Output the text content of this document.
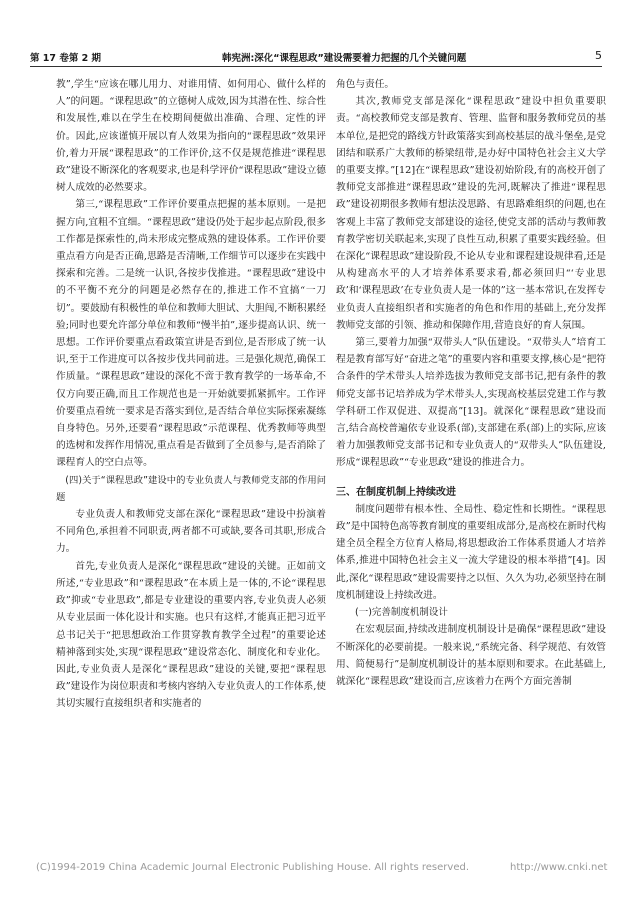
第 17 卷第 2 期	韩宪洲:深化“课程思政”建设需要着力把握的几个关键问题	5

教”,学生“应该在哪儿用力、对谁用情、如何用心、做什么样的人”的问题。“课程思政”的立德树人成效,因为其潜在性、综合性和发展性,难以在学生在校期间便做出准确、合理、定性的评价。因此,应该谨慎开展以育人效果为指向的“课程思政”效果评价,着力开展“课程思政”的工作评价,这不仅是规范推进“课程思政”建设不断深化的客观要求,也是科学评价“课程思政”建设立德树人成效的必然要求。

第三,“课程思政”工作评价要重点把握的基本原则。一是把握方向,宜粗不宜细。“课程思政”建设仍处于起步起点阶段,很多工作都是探索性的,尚未形成完整成熟的建设体系。工作评价要重点看方向是否正确,思路是否清晰,工作细节可以逐步在实践中探索和完善。二是统一认识,各按步伐推进。“课程思政”建设中的不平衡不充分的问题是必然存在的,推进工作不宜搞“一刀切”。要鼓励有积极性的单位和教师大胆试、大胆闯,不断积累经验;同时也要允许部分单位和教师“慢半拍”,逐步提高认识、统一思想。工作评价要重点看政策宣讲是否到位,是否形成了统一认识,至于工作进度可以各按步伐共同前进。三是强化规范,确保工作质量。“课程思政”建设的深化不啻于教育教学的一场革命,不仅方向要正确,而且工作规范也是一开始就要抓紧抓牢。工作评价要重点看统一要求是否落实到位,是否结合单位实际探索凝练自身特色。另外,还要看“课程思政”示范课程、优秀教师等典型的选树和发挥作用情况,重点看是否做到了全员参与,是否消除了课程育人的空白点等。

(四)关于“课程思政”建设中的专业负责人与教师党支部的作用问题

专业负责人和教师党支部在深化“课程思政”建设中扮演着不同角色,承担着不同职责,两者都不可或缺,要各司其职,形成合力。

首先,专业负责人是深化“课程思政”建设的关键。正如前文所述,“专业思政”和“课程思政”在本质上是一体的,不论“课程思政”抑或“专业思政”,都是专业建设的重要内容,专业负责人必须从专业层面一体化设计和实施。也只有这样,才能真正把习近平总书记关于“把思想政治工作贯穿教育教学全过程”的重要论述精神落到实处,实现“课程思政”建设常态化、制度化和专业化。因此,专业负责人是深化“课程思政”建设的关键,要把“课程思政”建设作为岗位职责和考核内容纳入专业负责人的工作体系,使其切实履行直接组织者和实施者的

角色与责任。

其次,教师党支部是深化“课程思政”建设中担负重要职责。“高校教师党支部是教育、管理、监督和服务教师党员的基本单位,是把党的路线方针政策落实到高校基层的战斗堡垒,是党团结和联系广大教师的桥梁纽带,是办好中国特色社会主义大学的重要支撑。”[12]在“课程思政”建设初始阶段,有的高校开创了教师党支部推进“课程思政”建设的先河,既解决了推进“课程思政”建设初期很多教师有想法没思路、有思路难组织的问题,也在客观上丰富了教师党支部建设的途径,使党支部的活动与教师教育教学密切关联起来,实现了良性互动,积累了重要实践经验。但在深化“课程思政”建设阶段,不论从专业和课程建设规律看,还是从构建高水平的人才培养体系要求看,都必须回归“‘专业思政’和‘课程思政’在专业负责人是一体的”这一基本常识,在发挥专业负责人直接组织者和实施者的角色和作用的基础上,充分发挥教师党支部的引领、推动和保障作用,营造良好的育人氛围。

第三,要着力加强“双带头人”队伍建设。“双带头人”培育工程是教育部写好“奋进之笔”的重要内容和重要支撑,核心是“把符合条件的学术带头人培养选拔为教师党支部书记,把有条件的教师党支部书记培养成为学术带头人,实现高校基层党建工作与教学科研工作双促进、双提高”[13]。就深化“课程思政”建设而言,结合高校普遍依专业设系(部),支部建在系(部)上的实际,应该着力加强教师党支部书记和专业负责人的“双带头人”队伍建设,形成“课程思政”“专业思政”建设的推进合力。

三、在制度机制上持续改进

制度问题带有根本性、全局性、稳定性和长期性。“课程思政”是中国特色高等教育制度的重要组成部分,是高校在新时代构建全员全程全方位育人格局,将思想政治工作体系贯通人才培养体系,推进中国特色社会主义一流大学建设的根本举措”[4]。因此,深化“课程思政”建设需要持之以恒、久久为功,必须坚持在制度机制建设上持续改进。

(一)完善制度机制设计

在宏观层面,持续改进制度机制设计是确保“课程思政”建设不断深化的必要前提。一般来说,“系统完备、科学规范、有效管用、简便易行”是制度机制设计的基本原则和要求。在此基础上,就深化“课程思政”建设而言,应该着力在两个方面完善制

(C)1994-2019 China Academic Journal Electronic Publishing House. All rights reserved.	http://www.cnki.net
